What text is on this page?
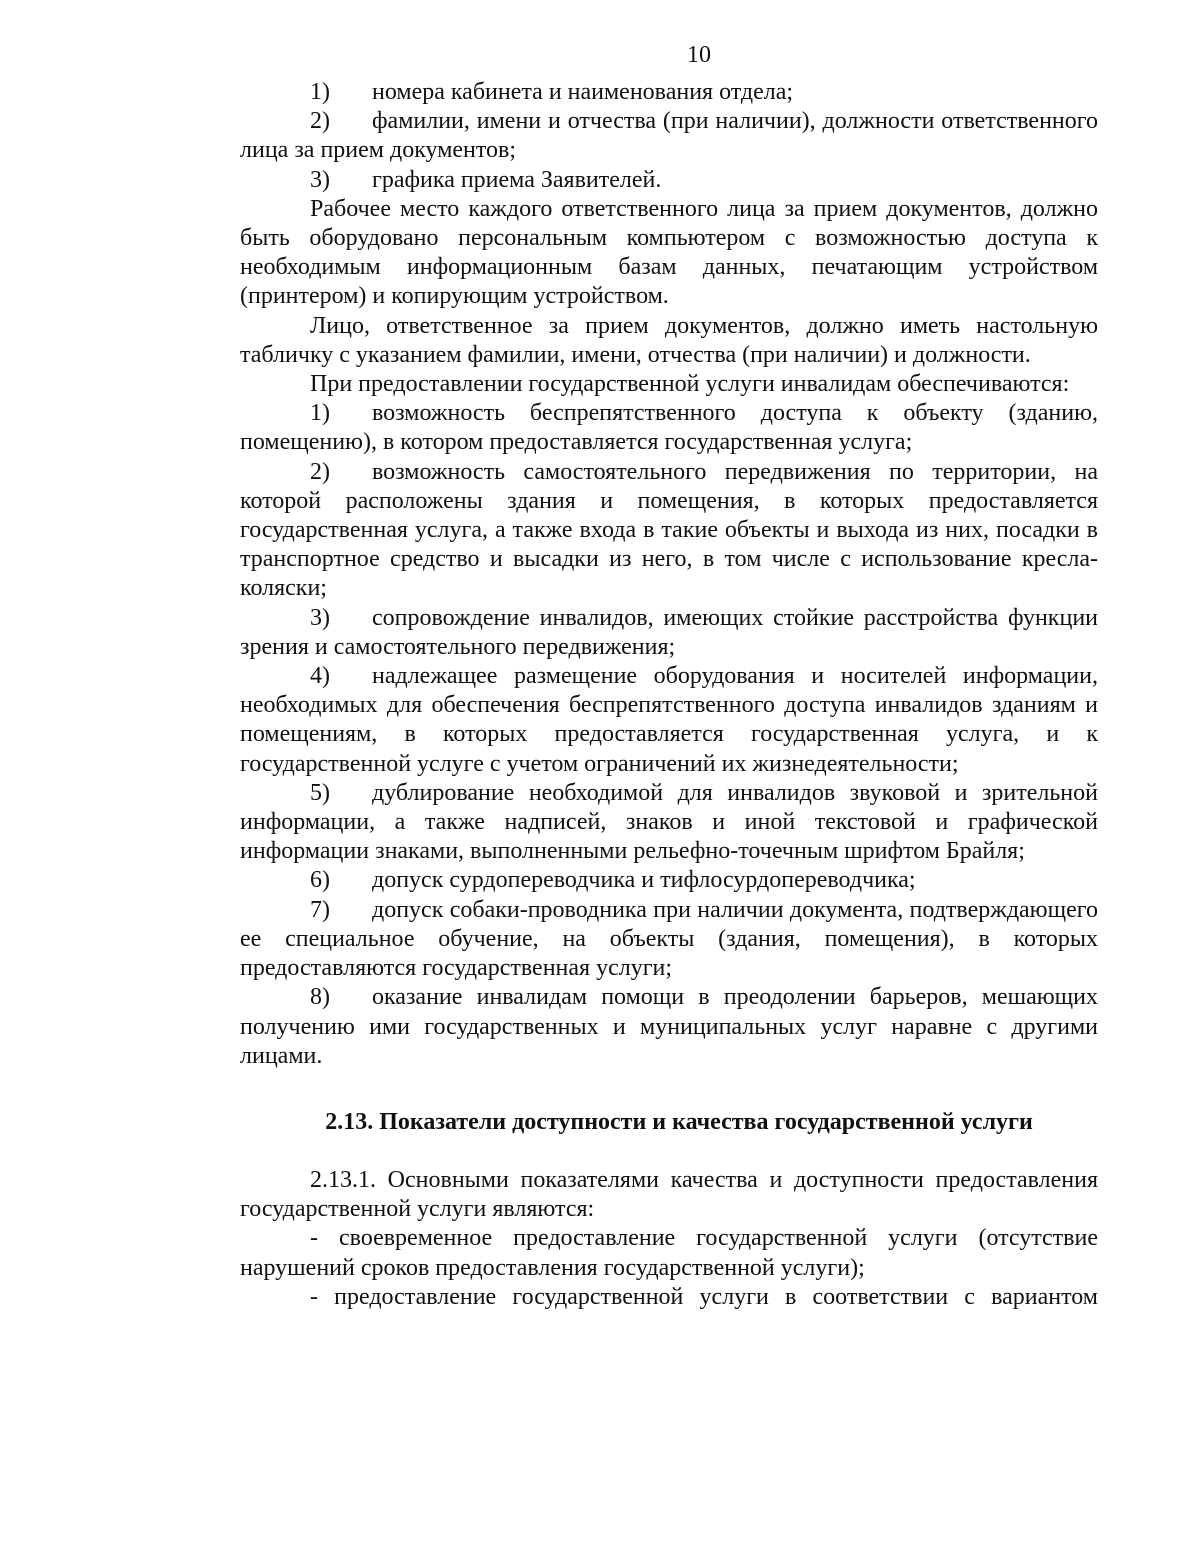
10

1) номера кабинета и наименования отдела;

2) фамилии, имени и отчества (при наличии), должности ответственного лица за прием документов;

3) графика приема Заявителей.

Рабочее место каждого ответственного лица за прием документов, должно быть оборудовано персональным компьютером с возможностью доступа к необходимым информационным базам данных, печатающим устройством (принтером) и копирующим устройством.

Лицо, ответственное за прием документов, должно иметь настольную табличку с указанием фамилии, имени, отчества (при наличии) и должности.

При предоставлении государственной услуги инвалидам обеспечиваются:

1) возможность беспрепятственного доступа к объекту (зданию, помещению), в котором предоставляется государственная услуга;

2) возможность самостоятельного передвижения по территории, на которой расположены здания и помещения, в которых предоставляется государственная услуга, а также входа в такие объекты и выхода из них, посадки в транспортное средство и высадки из него, в том числе с использование кресла-коляски;

3) сопровождение инвалидов, имеющих стойкие расстройства функции зрения и самостоятельного передвижения;

4) надлежащее размещение оборудования и носителей информации, необходимых для обеспечения беспрепятственного доступа инвалидов зданиям и помещениям, в которых предоставляется государственная услуга, и к государственной услуге с учетом ограничений их жизнедеятельности;

5) дублирование необходимой для инвалидов звуковой и зрительной информации, а также надписей, знаков и иной текстовой и графической информации знаками, выполненными рельефно-точечным шрифтом Брайля;

6) допуск сурдопереводчика и тифлосурдопереводчика;

7) допуск собаки-проводника при наличии документа, подтверждающего ее специальное обучение, на объекты (здания, помещения), в которых предоставляются государственная услуги;

8) оказание инвалидам помощи в преодолении барьеров, мешающих получению ими государственных и муниципальных услуг наравне с другими лицами.

2.13. Показатели доступности и качества государственной услуги

2.13.1. Основными показателями качества и доступности предоставления государственной услуги являются:

- своевременное предоставление государственной услуги (отсутствие нарушений сроков предоставления государственной услуги);

- предоставление государственной услуги в соответствии с вариантом
